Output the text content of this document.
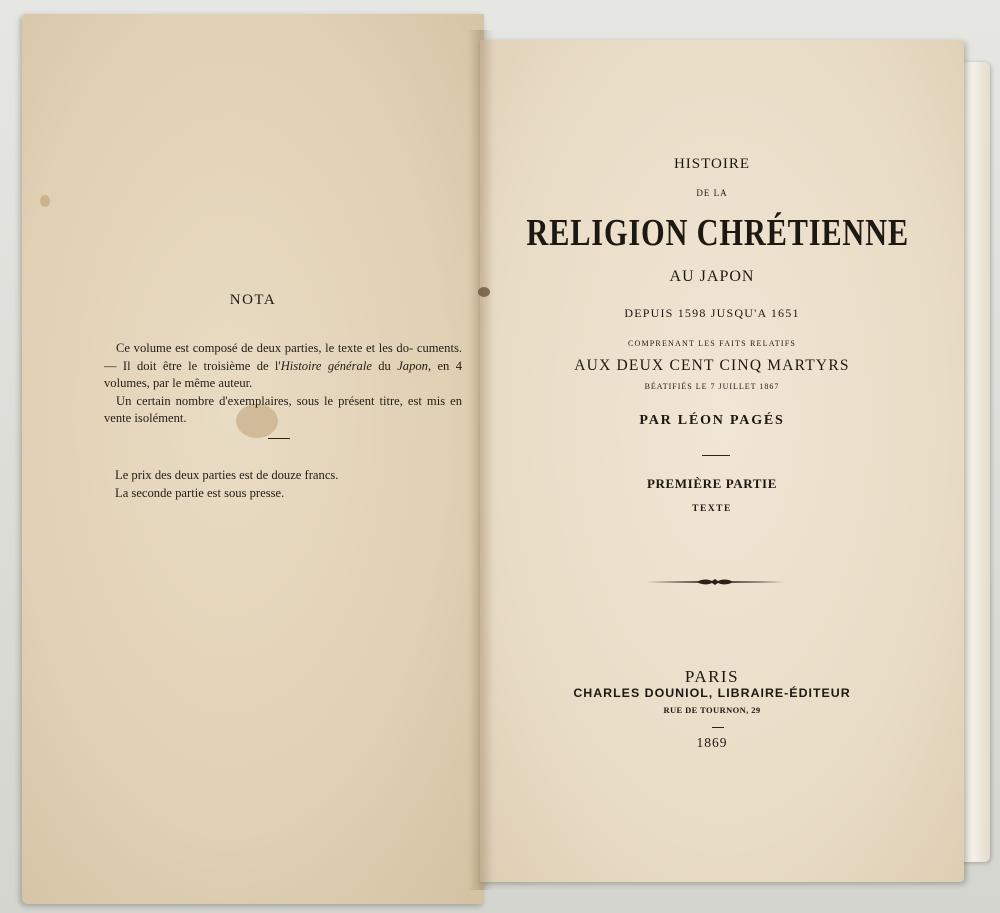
NOTA

Ce volume est composé de deux parties, le texte et les do- cuments. — Il doit être le troisième de l'Histoire générale du Japon, en 4 volumes, par le même auteur.

Un certain nombre d'exemplaires, sous le présent titre, est mis en vente isolément.

Le prix des deux parties est de douze francs.
La seconde partie est sous presse.
HISTOIRE
DE LA
RELIGION CHRÉTIENNE
AU JAPON
DEPUIS 1598 JUSQU'A 1651
COMPRENANT LES FAITS RELATIFS
AUX DEUX CENT CINQ MARTYRS
BÉATIFIÉS LE 7 JUILLET 1867
PAR LÉON PAGÉS
PREMIÈRE PARTIE
TEXTE
PARIS
CHARLES DOUNIOL, LIBRAIRE-ÉDITEUR
RUE DE TOURNON, 29
1869
